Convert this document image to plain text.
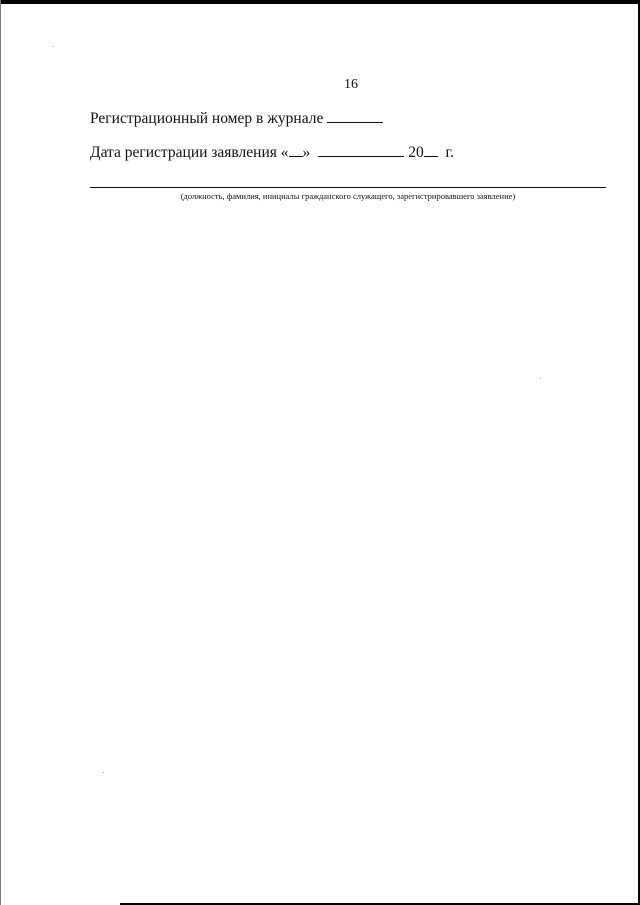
16
Регистрационный номер в журнале
Дата регистрации заявления « »	20 г.
(должность, фамилия, инициалы гражданского служащего, зарегистрировавшего заявление)
